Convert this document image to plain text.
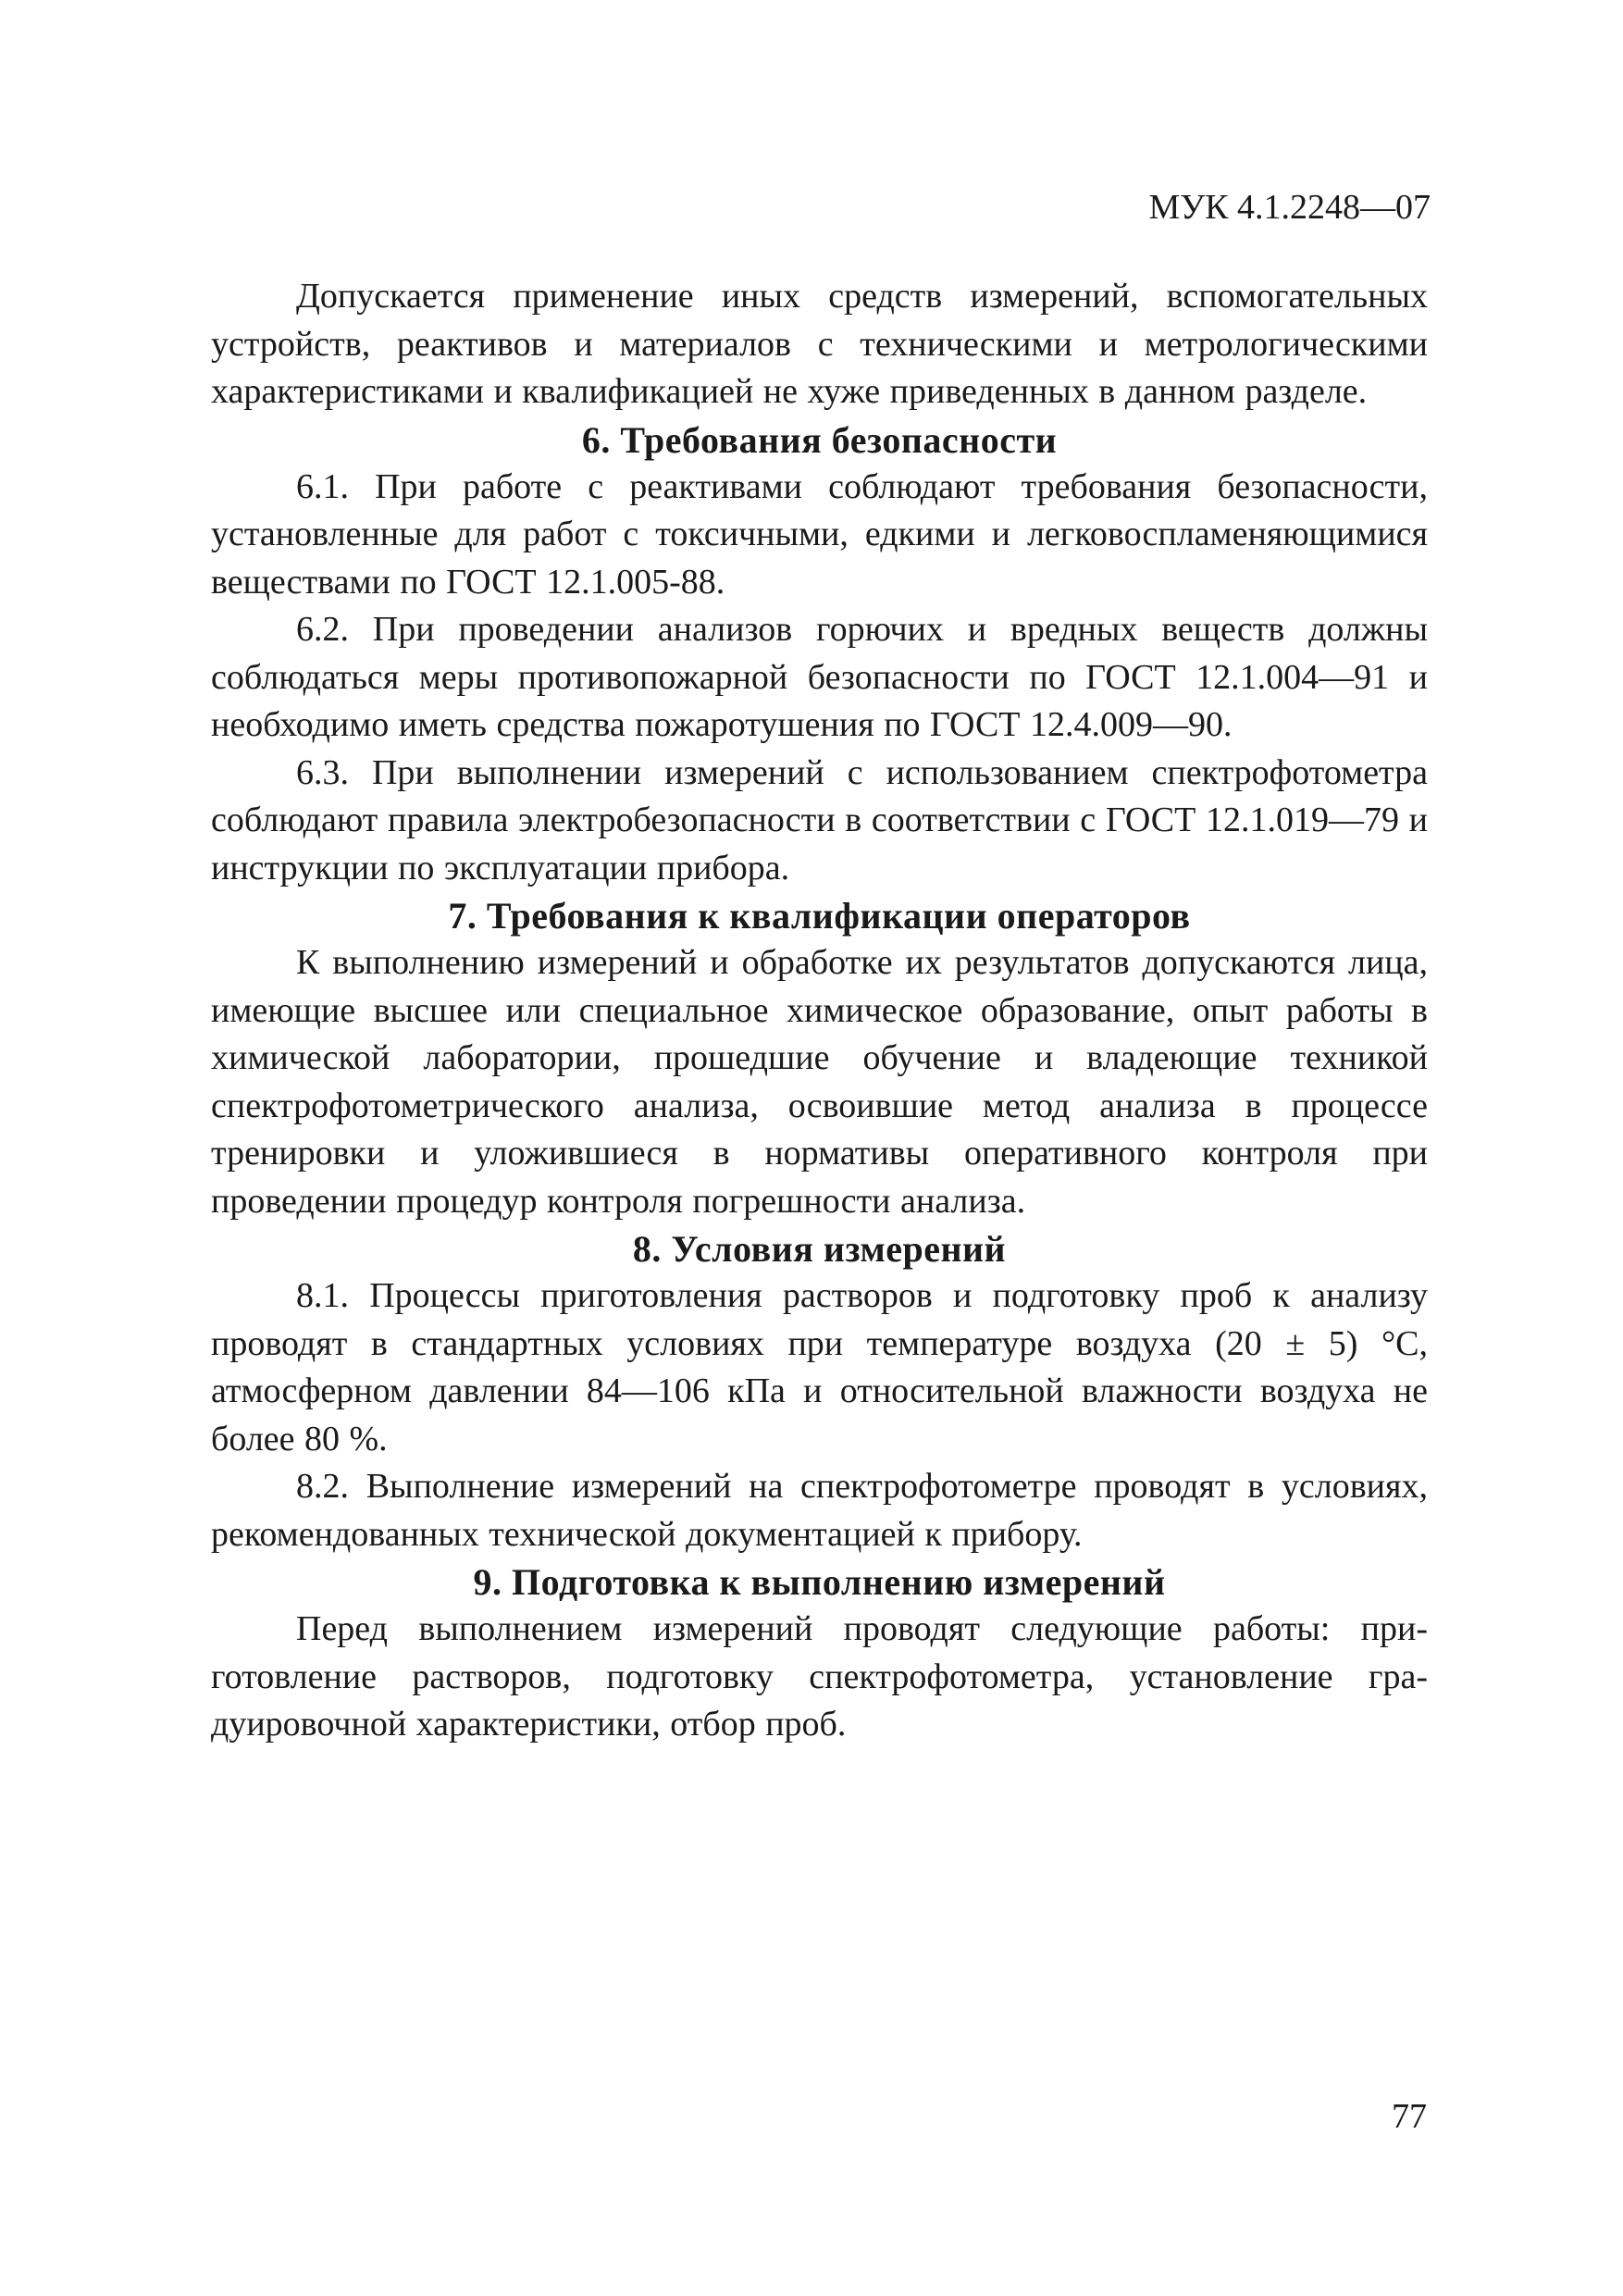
МУК 4.1.2248—07

Допускается применение иных средств измерений, вспомогательных устройств, реактивов и материалов с техническими и метрологическими характеристиками и квалификацией не хуже приведенных в данном разделе.

6. Требования безопасности

6.1. При работе с реактивами соблюдают требования безопасности, установленные для работ с токсичными, едкими и легковоспламеняющимися веществами по ГОСТ 12.1.005-88.

6.2. При проведении анализов горючих и вредных веществ должны соблюдаться меры противопожарной безопасности по ГОСТ 12.1.004—91 и необходимо иметь средства пожаротушения по ГОСТ 12.4.009—90.

6.3. При выполнении измерений с использованием спектрофотометра соблюдают правила электробезопасности в соответствии с ГОСТ 12.1.019—79 и инструкции по эксплуатации прибора.

7. Требования к квалификации операторов

К выполнению измерений и обработке их результатов допускаются лица, имеющие высшее или специальное химическое образование, опыт работы в химической лаборатории, прошедшие обучение и владеющие техникой спектрофотометрического анализа, освоившие метод анализа в процессе тренировки и уложившиеся в нормативы оперативного контроля при проведении процедур контроля погрешности анализа.

8. Условия измерений

8.1. Процессы приготовления растворов и подготовку проб к анализу проводят в стандартных условиях при температуре воздуха (20 ± 5) °С, атмосферном давлении 84—106 кПа и относительной влажности воздуха не более 80 %.

8.2. Выполнение измерений на спектрофотометре проводят в условиях, рекомендованных технической документацией к прибору.

9. Подготовка к выполнению измерений

Перед выполнением измерений проводят следующие работы: приготовление растворов, подготовку спектрофотометра, установление градуировочной характеристики, отбор проб.

77
